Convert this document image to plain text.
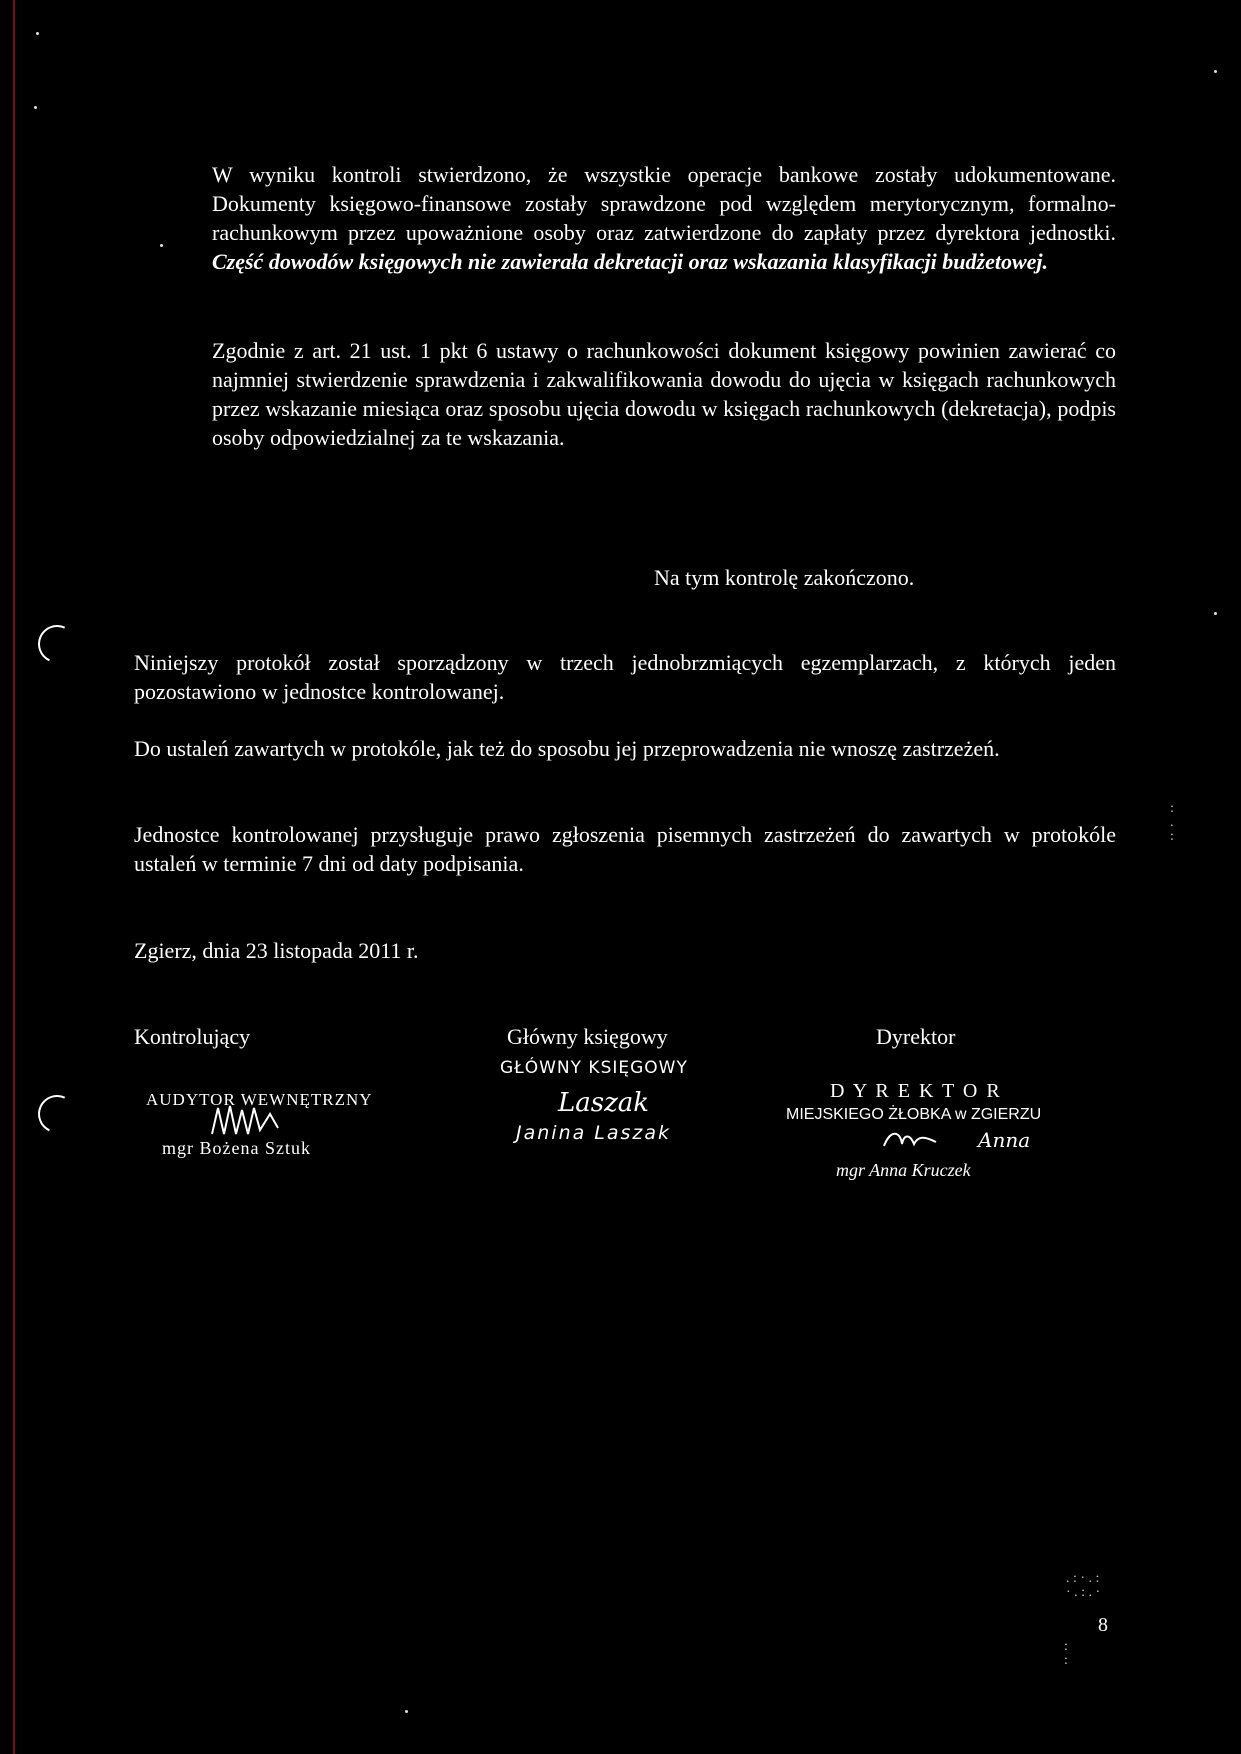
W wyniku kontroli stwierdzono, że wszystkie operacje bankowe zostały udokumentowane. Dokumenty księgowo-finansowe zostały sprawdzone pod względem merytorycznym, formalno-rachunkowym przez upoważnione osoby oraz zatwierdzone do zapłaty przez dyrektora jednostki. Część dowodów księgowych nie zawierała dekretacji oraz wskazania klasyfikacji budżetowej.

Zgodnie z art. 21 ust. 1 pkt 6 ustawy o rachunkowości dokument księgowy powinien zawierać co najmniej stwierdzenie sprawdzenia i zakwalifikowania dowodu do ujęcia w księgach rachunkowych przez wskazanie miesiąca oraz sposobu ujęcia dowodu w księgach rachunkowych (dekretacja), podpis osoby odpowiedzialnej za te wskazania.

Na tym kontrolę zakończono.

Niniejszy protokół został sporządzony w trzech jednobrzmiących egzemplarzach, z których jeden pozostawiono w jednostce kontrolowanej.

Do ustaleń zawartych w protokóle, jak też do sposobu jej przeprowadzenia nie wnoszę zastrzeżeń.

Jednostce kontrolowanej przysługuje prawo zgłoszenia pisemnych zastrzeżeń do zawartych w protokóle ustaleń w terminie 7 dni od daty podpisania.

Zgierz, dnia 23 listopada 2011 r.
Kontrolujący
AUDYTOR WEWNĘTRZNY
mgr Bożena Sztuk
Główny księgowy
GŁÓWNY KSIĘGOWY
Laszak
Janina Laszak
Dyrektor
D Y R E K T O R
MIEJSKIEGO ŻŁOBKA w ZGIERZU
Anna
mgr Anna Kruczek
8
:
.
:
. : · . :
· . : . ·
:
:
